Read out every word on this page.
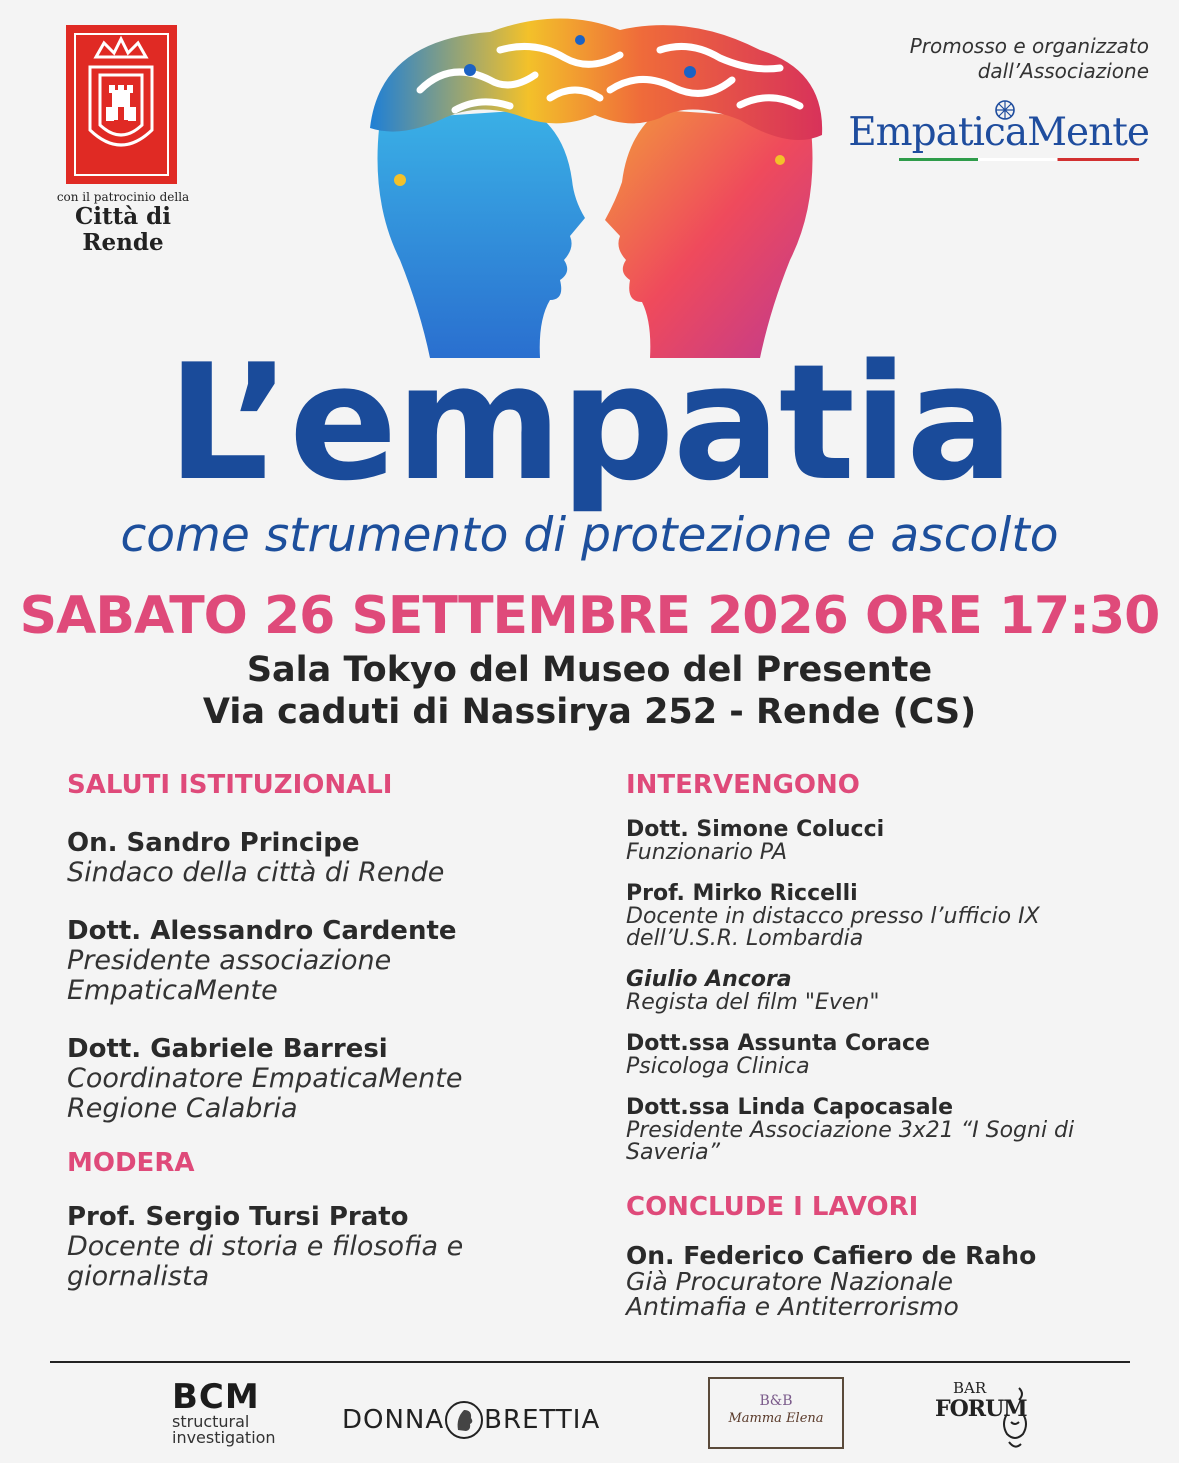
con il patrocinio della
Città di Rende
Promosso e organizzato
dall’Associazione
EmpaticaMente
L’empatia
come strumento di protezione e ascolto
SABATO 26 SETTEMBRE 2026 ORE 17:30
Sala Tokyo del Museo del Presente
Via caduti di Nassirya 252 - Rende (CS)
SALUTI ISTITUZIONALI
On. Sandro Principe
Sindaco della città di Rende
Dott. Alessandro Cardente
Presidente associazione
EmpaticaMente
Dott. Gabriele Barresi
Coordinatore EmpaticaMente
Regione Calabria
MODERA
Prof. Sergio Tursi Prato
Docente di storia e filosofia e
giornalista
INTERVENGONO
Dott. Simone Colucci
Funzionario PA
Prof. Mirko Riccelli
Docente in distacco presso l’ufficio IX
dell’U.S.R. Lombardia
Giulio Ancora
Regista del film "Even"
Dott.ssa Assunta Corace
Psicologa Clinica
Dott.ssa Linda Capocasale
Presidente Associazione 3x21 “I Sogni di
Saveria”
CONCLUDE I LAVORI
On. Federico Cafiero de Raho
Già Procuratore Nazionale
Antimafia e Antiterrorismo
BCM
structural
investigation
DONNA BRETTIA
B&B
Mamma Elena
BAR
FORUM
